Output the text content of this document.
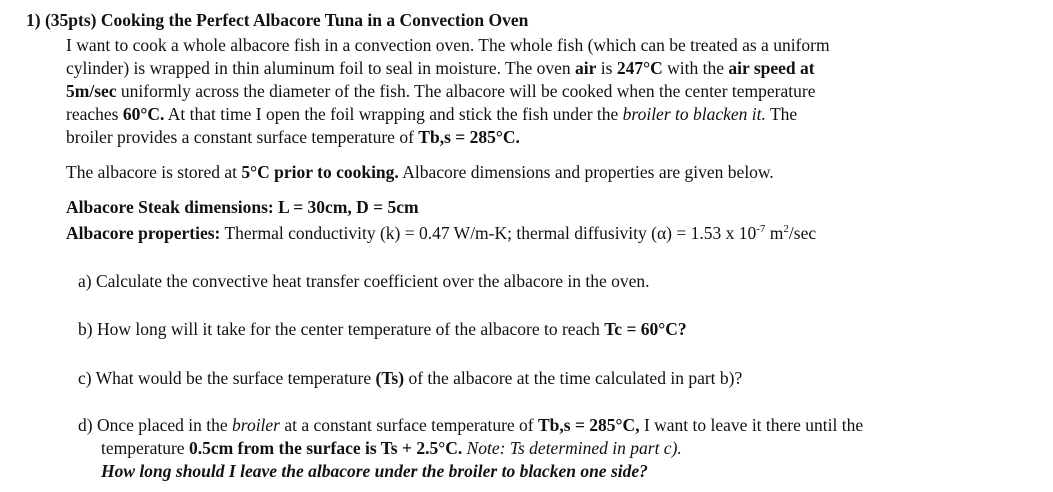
1) (35pts) Cooking the Perfect Albacore Tuna in a Convection Oven
I want to cook a whole albacore fish in a convection oven. The whole fish (which can be treated as a uniform
cylinder) is wrapped in thin aluminum foil to seal in moisture. The oven air is 247°C with the air speed at
5m/sec uniformly across the diameter of the fish. The albacore will be cooked when the center temperature
reaches 60°C. At that time I open the foil wrapping and stick the fish under the broiler to blacken it. The
broiler provides a constant surface temperature of Tb,s = 285°C.
The albacore is stored at 5°C prior to cooking. Albacore dimensions and properties are given below.
Albacore Steak dimensions: L = 30cm, D = 5cm
Albacore properties: Thermal conductivity (k) = 0.47 W/m-K; thermal diffusivity (α) = 1.53 x $10^{-7}$ $m^2/\sec$
a) Calculate the convective heat transfer coefficient over the albacore in the oven.
b) How long will it take for the center temperature of the albacore to reach Tc = 60°C?
c) What would be the surface temperature (Ts) of the albacore at the time calculated in part b)?
d) Once placed in the broiler at a constant surface temperature of Tb,s = 285°C, I want to leave it there until the
temperature 0.5cm from the surface is Ts + 2.5°C. Note: Ts determined in part c).
How long should I leave the albacore under the broiler to blacken one side?
